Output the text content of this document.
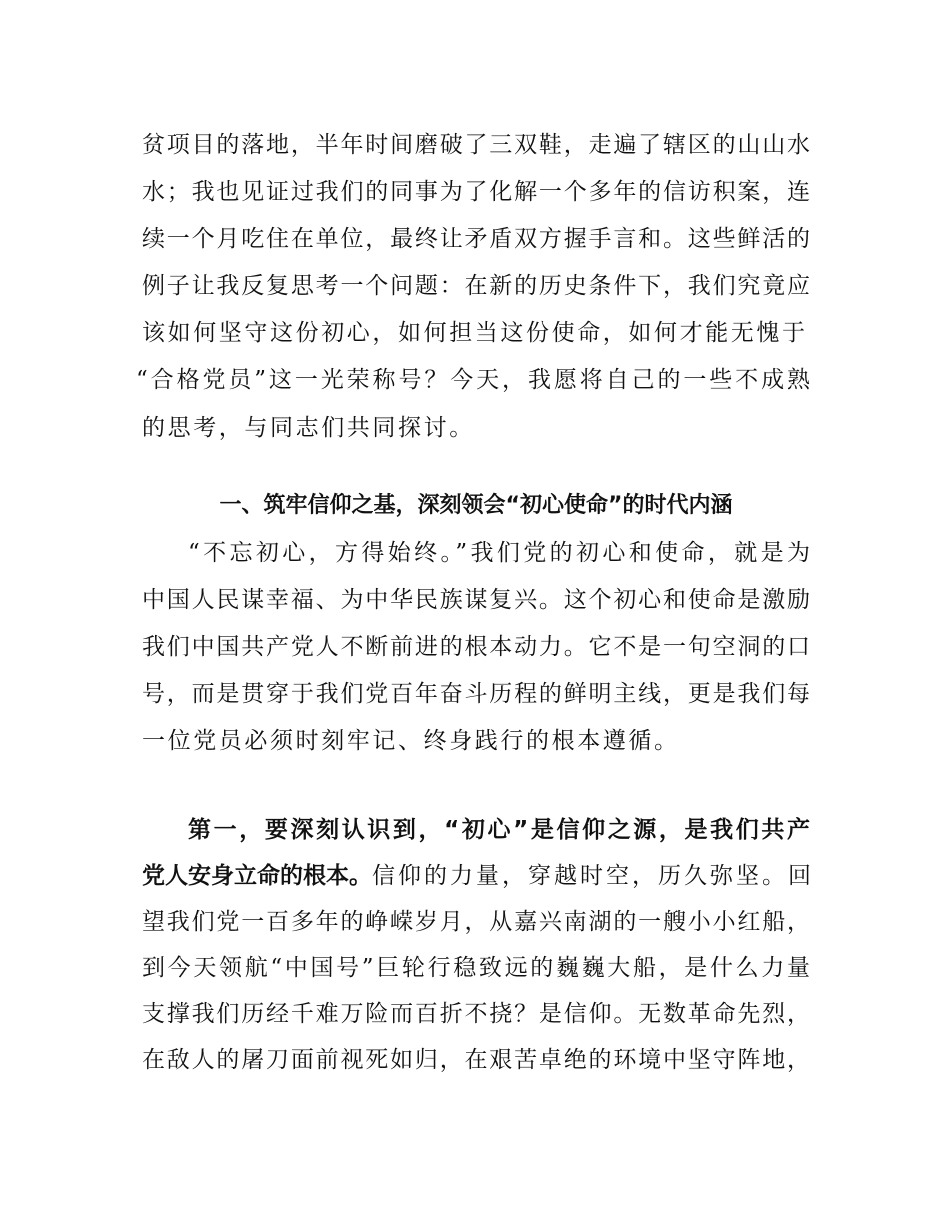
贫项目的落地，半年时间磨破了三双鞋，走遍了辖区的山山水
水；我也见证过我们的同事为了化解一个多年的信访积案，连
续一个月吃住在单位，最终让矛盾双方握手言和。这些鲜活的
例子让我反复思考一个问题：在新的历史条件下，我们究竟应
该如何坚守这份初心，如何担当这份使命，如何才能无愧于
“合格党员”这一光荣称号？今天，我愿将自己的一些不成熟
的思考，与同志们共同探讨。
一、筑牢信仰之基，深刻领会“初心使命”的时代内涵
“不忘初心，方得始终。”我们党的初心和使命，就是为
中国人民谋幸福、为中华民族谋复兴。这个初心和使命是激励
我们中国共产党人不断前进的根本动力。它不是一句空洞的口
号，而是贯穿于我们党百年奋斗历程的鲜明主线，更是我们每
一位党员必须时刻牢记、终身践行的根本遵循。
第一，要深刻认识到，“初心”是信仰之源，是我们共产
党人安身立命的根本。 信仰的力量，穿越时空，历久弥坚。回
望我们党一百多年的峥嵘岁月，从嘉兴南湖的一艘小小红船，
到今天领航“中国号”巨轮行稳致远的巍巍大船，是什么力量
支撑我们历经千难万险而百折不挠？是信仰。无数革命先烈，
在敌人的屠刀面前视死如归，在艰苦卓绝的环境中坚守阵地，
